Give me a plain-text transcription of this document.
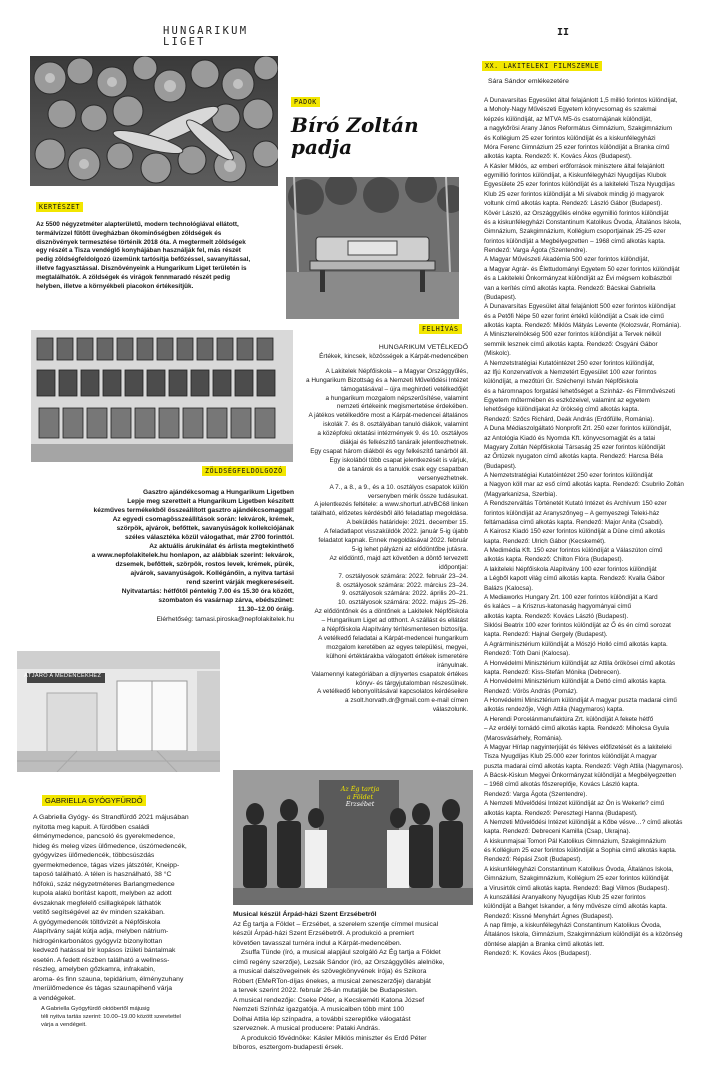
HUNGARIKUM
LIGET
II
KERTÉSZET
Az 5500 négyzetméter alapterületű, modern technológiával ellátott, termálvízzel fűtött üvegházban ökominőségben zöldségek és disznövények termesztése történik 2018 óta. A megtermelt zöldségek egy részét a Tisza vendéglő konyhájában használják fel, más részét pedig zöldségfeldolgozó üzemünk tartósítja befőzéssel, savanyítással, illetve fagyasztással. Disznövényeink a Hungarikum Liget területén is megtalálhatók. A zöldségek és virágok fennmaradó részét pedig helyben, illetve a környékbeli piacokon értékesítjük.
PADOK
Bíró Zoltán
padja
ZÖLDSÉGFELDOLGOZÓ
Gasztro ajándékcsomag a Hungarikum Ligetben
Lepje meg szeretteit a Hungarikum Ligetben készített
kézműves termékekből összeállított gasztro ajándékcsomaggal!
Az egyedi csomagösszeállítások során: lekvárok, krémek,
szörpök, ajvárok, befőttek, savanyúságok kollekciójának
széles választéka közül válogathat, már 2700 forinttól.
Az aktuális árukínálat és árlista megtekinthető
a www.nepfolakitelek.hu honlapon, az alábbiak szerint: lekvárok,
dzsemek, befőttek, szörpök, rostos levek, krémek, pürék,
ajvárok, savanyúságok. Kollégánőin, a nyitva tartási
rend szerint várják megkereséseit.
Nyitvatartás: hétfőtől péntekig 7.00 és 15.30 óra között,
szombaton és vasárnap zárva, ebédszünet:
11.30–12.00 óráig.
Elérhetőség: tamasi.piroska@nepfolakitelek.hu
ÁTJÁRÓ A MEDENCÉKHEZ
GABRIELLA GYÓGYFÜRDŐ
A Gabriella Gyógy- és Strandfürdő 2021 májusában
nyitotta meg kapuit. A fürdőben családi
élménymedence, pancsoló és gyerekmedence,
hideg és meleg vizes ülőmedence, úszómedencék,
gyógyvizes ülőmedencék, többcsúszdás
gyermekmedence, tágas vizes játszótér, Kneipp-
taposó található. A télen is használható, 38 °C
hőfokú, száz négyzetméteres Barlangmedence
kupola alakú borítást kapott, melyben az adott
évszaknak megfelelő csillagképek láthatók
vetítő segítségével az év minden szakában.
A gyógymedencék töltővizét a Népfőiskola
Alapítvány saját kútja adja, melyben nátrium-
hidrogénkarbonátos gyógyvíz bizonyítottan
kedvező hatással bír kopásos ízületi bántalmak
esetén. A fedett részben található a wellness-
részleg, amelyben gőzkamra, infrakabin,
aroma- és finn szauna, tepidárium, élményzuhany
/merülőmedence és tágas szaunapihenő várja
a vendégeket.
A Gabriella Gyógyfürdő októbertől májusig
téli nyitva tartás szerint: 10.00–19.00 között szeretettel
várja a vendégeit.
FELHÍVÁS
HUNGARIKUM VETÉLKEDŐ
Értékek, kincsek, közösségek a Kárpát-medencében
A Lakitelek Népfőiskola – a Magyar Országgyűlés,
a Hungarikum Bizottság és a Nemzeti Művelődési Intézet
támogatásával – újra meghirdeti vetélkedőjét
a hungarikum mozgalom népszerűsítése, valamint
nemzeti értékeink megismertetése érdekében.
A játékos vetélkedőre most a Kárpát-medencei általános
iskolák 7. és 8. osztályában tanuló diákok, valamint
a középfokú oktatási intézmények 9. és 10. osztályos
diákjai és felkészítő tanáraik jelentkezhetnek.
Egy csapat három diákból és egy felkészítő tanárból áll.
Egy iskolából több csapat jelentkezését is várjuk,
de a tanárok és a tanulók csak egy csapatban
versenyezhetnek.
A 7., a 8., a 9., és a 10. osztályos csapatok külön
versenyben mérik össze tudásukat.
A jelentkezés feltétele: a www.shorturl.at/vBC68 linken
található, előzetes kérdésből álló feladatlap megoldása.
A beküldés határideje: 2021. december 15.
A feladatlapot visszaküldök 2022. január 5-ig újabb
feladatot kapnak. Ennek megoldásával 2022. február
5-ig lehet pályázni az elődöntőbe jutásra.
Az elődöntő, majd azt követően a döntő tervezett
időpontjai:
7. osztályosok számára: 2022. február 23–24.
8. osztályosok számára: 2022. március 23–24.
9. osztályosok számára: 2022. április 20–21.
10. osztályosok számára: 2022. május 25–26.
Az elődöntőnek és a döntőnek a Lakitelek Népfőiskola
– Hungarikum Liget ad otthont. A szállást és ellátást
a Népfőiskola Alapítvány térítésmentesen biztosítja.
A vetélkedő feladatai a Kárpát-medencei hungarikum
mozgalom keretében az egyes települési, megyei,
külhoni értéktárakba válogatott értékek ismeretére
irányulnak.
Valamennyi kategóriában a díjnyertes csapatok értékes
könyv- és tárgyjutalomban részesülnek.
A vetélkedő lebonyolításával kapcsolatos kérdéseikre
a zsolt.horvath.dr@gmail.com e-mail címen
válaszolunk.
Az Ég tartja
a Földet
Erzsébet
Musical készül Árpád-házi Szent Erzsébetről
Az Ég tartja a Földet – Erzsébet, a szerelem szentje címmel musical
készül Árpád-házi Szent Erzsébetről. A produkció a premiert
követően tavasszal turnéra indul a Kárpát-medencében.
Zsuffa Tünde (író, a musical alapjául szolgáló Az Ég tartja a Földet
című regény szerzője), Lezsák Sándor (író, az Országgyűlés alelnöke,
a musical dalszövegeinek és szövegkönyvének írója) és Szikora
Róbert (EMeRTon-díjas énekes, a musical zeneszerzője) darabját
a tervek szerint 2022. február 26-án mutatják be Budapesten.
A musical rendezője: Cseke Péter, a Kecskeméti Katona József
Nemzeti Színház igazgatója. A musicalben több mint 100
Dolhai Attila lép színpadra, a további szereplőke válogatást
szerveznek. A musical producere: Pataki András.
A produkció fővédnöke: Kásler Miklós miniszter és Erdő Péter
bíboros, esztergom-budapesti érsek.
XX. LAKITELEKI FILMSZEMLE
Sára Sándor emlékezetére
A Dunavarsítas Egyesület által felajánlott 1,5 millió forintos különdíjat,
a Moholy-Nagy Művészeti Egyetem könyvcsomag és szakmai
képzés különdíját, az MTVA M5-ös csatornájának különdíját,
a nagykőrösi Arany János Református Gimnázium, Szakgimnázium
és Kollégium 25 ezer forintos különdíját és a kiskunfélegyházi
Móra Ferenc Gimnázium 25 ezer forintos különdíját a Branka című
alkotás kapta. Rendező: K. Kovács Ákos (Budapest).
A Kásler Miklós, az emberi erőforrások minisztere által felajánlott
egymillió forintos különdíjat, a Kiskunfélegyházi Nyugdíjas Klubok
Egyesülete 25 ezer forintos különdíját és a lakiteleki Tisza Nyugdíjas
Klub 25 ezer forintos különdíját a Mi sívabok mindig jó magyarok
voltunk című alkotás kapta. Rendező: László Gábor (Budapest).
Kövér László, az Országgyűlés elnöke egymillió forintos különdíját
és a kiskunfélegyházi Constantinum Katolikus Óvoda, Általános Iskola,
Gimnázium, Szakgimnázium, Kollégium csoportjainak 25-25 ezer
forintos különdíját a Megbélyegzetten – 1968 című alkotás kapta.
Rendező: Varga Ágota (Szentendre).
A Magyar Művészeti Akadémia 500 ezer forintos különdíját,
a Magyar Agrár- és Élettudományi Egyetem 50 ezer forintos különdíját
és a Lakiteleki Önkormányzat különdíját az Évi mégsem kolbászból
van a kerítés című alkotás kapta. Rendező: Bácskai Gabriella
(Budapest).
A Dunavarsítas Egyesület által felajánlott 500 ezer forintos különdíjat
és a Petőfi Népe 50 ezer forint értékű különdíját a Csak ide című
alkotás kapta. Rendező: Miklós Mátyás Levente (Kolozsvár, Románia).
A Miniszterelnökség 500 ezer forintos különdíját a Tervek nélkül
semmik lesznek című alkotás kapta. Rendező: Osgyáni Gábor
(Miskolc).
A Nemzetstratégiai Kutatóintézet 250 ezer forintos különdíját,
az Ifjú Konzervatívok a Nemzetért Egyesület 100 ezer forintos
különdíját, a mezőtúri Gr. Széchenyi István Népfőiskola
és a háromnapos forgatási lehetőséget a Színház- és Filmművészeti
Egyetem műtermében és eszközeivel, valamint az egyetem
lehetősége különdíjakat Az örökség című alkotás kapta.
Rendező: Szőcs Richárd, Deák András (Erdőfülle, Románia).
A Duna Médiaszolgáltató Nonprofit Zrt. 250 ezer forintos különdíját,
az Antológia Kiadó és Nyomda Kft. könyvcsomagját és a tatai
Magyary Zoltán Népfőiskolai Társaság 25 ezer forintos különdíját
az Őrtüzek nyugaton című alkotás kapta. Rendező: Harcsa Béla
(Budapest).
A Nemzetstratégiai Kutatóintézet 250 ezer forintos különdíját
a Nagyon köll mar az eső című alkotás kapta. Rendező: Csubrilo Zoltán
(Magyarkanizsa, Szerbia).
A Rendszerváltás Történetét Kutató Intézet és Archívum 150 ezer
forintos különdíját az Aranyszőnyeg – A gernyeszegi Teleki-ház
feltámadása című alkotás kapta. Rendező: Major Anita (Csabdi).
A Kairosz Kiadó 150 ezer forintos különdíját a Düne című alkotás
kapta. Rendező: Ulrich Gábor (Kecskemét).
A Medimédia Kft. 150 ezer forintos különdíját a Válaszúton című
alkotás kapta. Rendező: Chilton Flóra (Budapest).
A lakiteleki Népfőiskola Alapítvány 100 ezer forintos különdíját
a Légből kapott világ című alkotás kapta. Rendező: Kvalla Gábor
Balázs (Kalocsa).
A Mediaworks Hungary Zrt. 100 ezer forintos különdíját a Kard
és kalács – a Kriszrus-katonaság hagyományai című
alkotás kapta. Rendező: Kovács László (Budapest).
Siklósi Beatrix 100 ezer forintos különdíját az Ő és én című sorozat
kapta. Rendező: Hajnal Gergely (Budapest).
A Agrárminisztérium különdíját a Mószjó Holló című alkotás kapta.
Rendező: Tóth Dani (Kalocsa).
A Honvédelmi Minisztérium különdíját az Attila örökösei című alkotás
kapta. Rendező: Kiss-Stefán Mónika (Debrecen).
A Honvédelmi Minisztérium különdíját a Dettó című alkotás kapta.
Rendező: Vörös András (Pomáz).
A Honvédelmi Minisztérium különdíját A magyar puszta madarai című
alkotás rendezője, Végh Attila (Nagymaros) kapta.
A Herendi Porcelánmanufaktúra Zrt. különdíját A fekete hétfő
– Az erdélyi tornádó című alkotás kapta. Rendező: Mihołcsa Gyula
(Marosvásárhely, Románia).
A Magyar Hírlap nagyinterjúját és féléves előfizetését és a lakiteleki
Tisza Nyugdíjas Klub 25.000 ezer forintos különdíját A magyar
puszta madarai című alkotás kapta. Rendező: Végh Attila (Nagymaros).
A Bácsk-Kiskun Megyei Önkormányzat különdíját a Megbélyegzetten
– 1968 című alkotás főszereplője, Kovács László kapta.
Rendező: Varga Ágota (Szentendre).
A Nemzeti Művelődési Intézet különdíját az Ön is Wekerle? című
alkotás kapta. Rendező: Peresztegi Hanna (Budapest).
A Nemzeti Művelődési Intézet különdíját a Kőbe vésve…? című alkotás
kapta. Rendező: Debreceni Kamilla (Csap, Ukrajna).
A kiskunmajsai Tomori Pál Katolikus Gimnázium, Szakgimnázium
és Kollégium 25 ezer forintos különdíját a Sophia című alkotás kapta.
Rendező: Répási Zsolt (Budapest).
A kiskunfélegyházi Constantinum Katolikus Óvoda, Általános Iskola,
Gimnázium, Szakgimnázium, Kollégium 25 ezer forintos különdíját
a Virusirtók című alkotás kapta. Rendező: Bagi Vilmos (Budapest).
A kunszállási Aranyalkony Nyugdíjas Klub 25 ezer forintos
különdíját a Bahget Iskander, a fény művésze című alkotás kapta.
Rendező: Kissné Menyhárt Ágnes (Budapest).
A nap filmje, a kiskunfélegyházi Constantinum Katolikus Óvoda,
Általános Iskola, Gimnázium, Szakgimnázium különdíját és a közönség
döntése alapján a Branka című alkotás lett.
Rendező: K. Kovács Ákos (Budapest).
